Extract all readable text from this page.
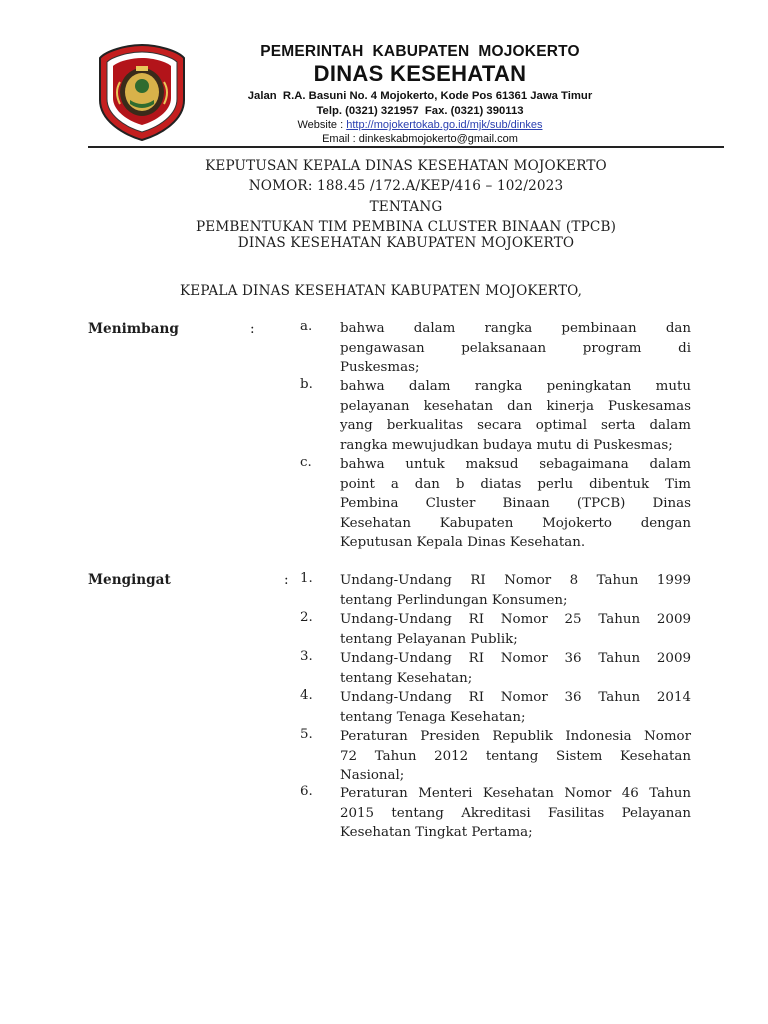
PEMERINTAH  KABUPATEN  MOJOKERTO
DINAS KESEHATAN
Jalan  R.A. Basuni No. 4 Mojokerto, Kode Pos 61361 Jawa Timur
Telp. (0321) 321957  Fax. (0321) 390113
Website : http://mojokertokab.go.id/mjk/sub/dinkes
Email : dinkeskabmojokerto@gmail.com
KEPUTUSAN KEPALA DINAS KESEHATAN MOJOKERTO
NOMOR: 188.45 /172.A/KEP/416 – 102/2023
TENTANG
PEMBENTUKAN TIM PEMBINA CLUSTER BINAAN (TPCB)
DINAS KESEHATAN KABUPATEN MOJOKERTO
KEPALA DINAS KESEHATAN KABUPATEN MOJOKERTO,
Menimbang	:	a.	bahwa dalam rangka pembinaan dan
pengawasan pelaksanaan program di
Puskesmas;
b.	bahwa dalam rangka peningkatan mutu
pelayanan kesehatan dan kinerja Puskesamas
yang berkualitas secara optimal serta dalam
rangka mewujudkan budaya mutu di Puskesmas;
c.	bahwa untuk maksud sebagaimana dalam
point a dan b diatas perlu dibentuk Tim
Pembina Cluster Binaan (TPCB) Dinas
Kesehatan Kabupaten Mojokerto dengan
Keputusan Kepala Dinas Kesehatan.
Mengingat	: 1.	Undang-Undang RI Nomor 8 Tahun 1999
tentang Perlindungan Konsumen;
2.	Undang-Undang RI Nomor 25 Tahun 2009
tentang Pelayanan Publik;
3.	Undang-Undang RI Nomor 36 Tahun 2009
tentang Kesehatan;
4.	Undang-Undang RI Nomor 36 Tahun 2014
tentang Tenaga Kesehatan;
5.	Peraturan Presiden Republik Indonesia Nomor
72 Tahun 2012 tentang Sistem Kesehatan
Nasional;
6.	Peraturan Menteri Kesehatan Nomor 46 Tahun
2015 tentang Akreditasi Fasilitas Pelayanan
Kesehatan Tingkat Pertama;
